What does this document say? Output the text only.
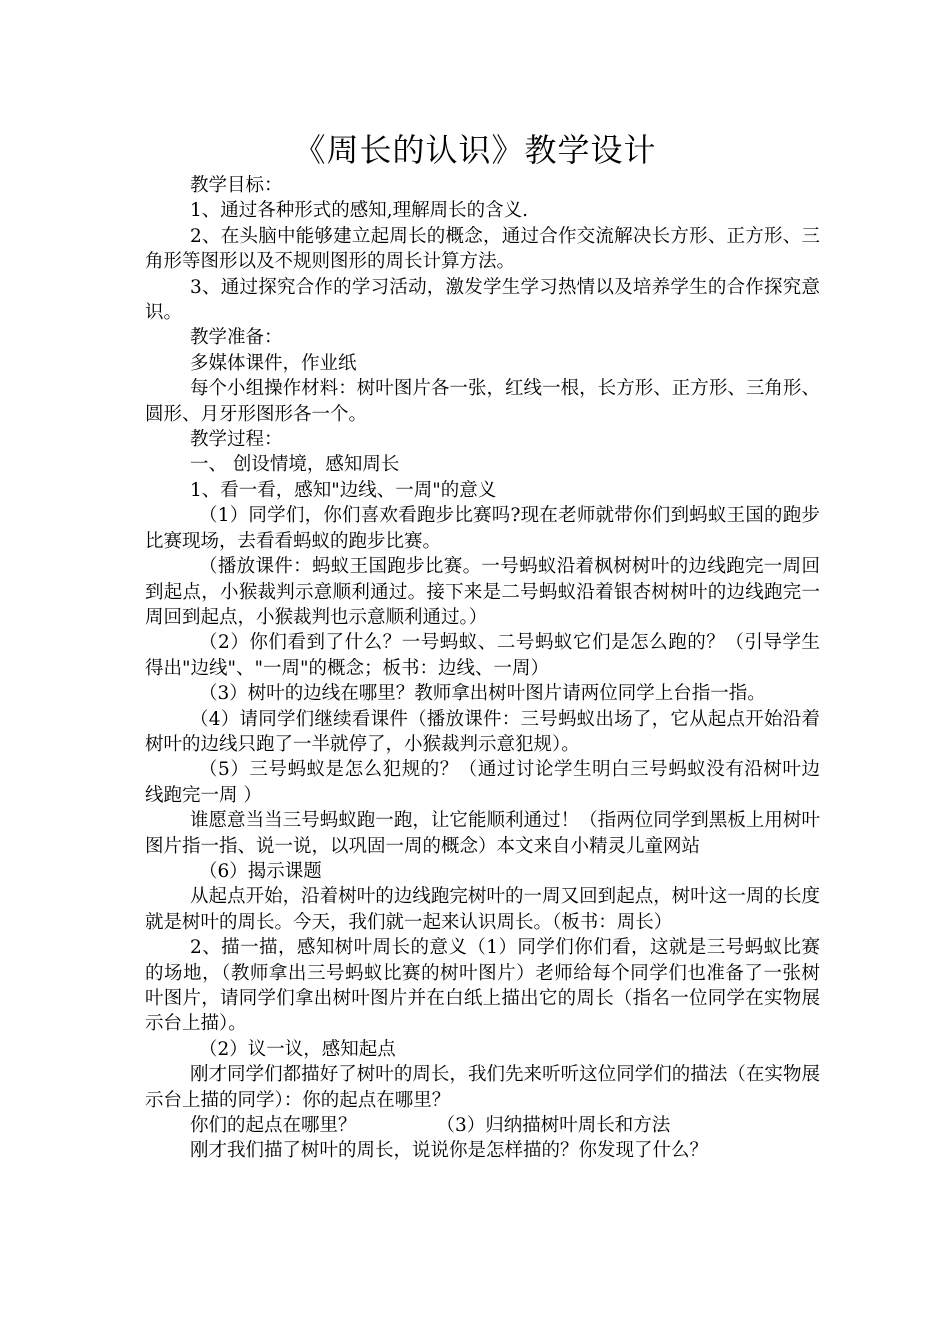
《周长的认识》教学设计

教学目标：

1、通过各种形式的感知,理解周长的含义.

2、在头脑中能够建立起周长的概念，通过合作交流解决长方形、正方形、三角形等图形以及不规则图形的周长计算方法。

3、通过探究合作的学习活动，激发学生学习热情以及培养学生的合作探究意识。

教学准备：

多媒体课件，作业纸

每个小组操作材料：树叶图片各一张，红线一根，长方形、正方形、三角形、圆形、月牙形图形各一个。

教学过程：

一、 创设情境，感知周长

1、看一看，感知"边线、一周"的意义

（1）同学们，你们喜欢看跑步比赛吗?现在老师就带你们到蚂蚁王国的跑步比赛现场，去看看蚂蚁的跑步比赛。

（播放课件：蚂蚁王国跑步比赛。一号蚂蚁沿着枫树树叶的边线跑完一周回到起点，小猴裁判示意顺利通过。接下来是二号蚂蚁沿着银杏树树叶的边线跑完一周回到起点，小猴裁判也示意顺利通过。）

（2）你们看到了什么？一号蚂蚁、二号蚂蚁它们是怎么跑的？（引导学生得出"边线"、"一周"的概念；板书：边线、一周）

（3）树叶的边线在哪里？教师拿出树叶图片请两位同学上台指一指。

（4）请同学们继续看课件（播放课件：三号蚂蚁出场了，它从起点开始沿着树叶的边线只跑了一半就停了，小猴裁判示意犯规）。

（5）三号蚂蚁是怎么犯规的？（通过讨论学生明白三号蚂蚁没有沿树叶边线跑完一周 ）

谁愿意当当三号蚂蚁跑一跑，让它能顺利通过！（指两位同学到黑板上用树叶图片指一指、说一说，以巩固一周的概念）本文来自小精灵儿童网站

（6）揭示课题

从起点开始，沿着树叶的边线跑完树叶的一周又回到起点，树叶这一周的长度就是树叶的周长。今天，我们就一起来认识周长。（板书：周长）

2、描一描，感知树叶周长的意义（1）同学们你们看，这就是三号蚂蚁比赛的场地，（教师拿出三号蚂蚁比赛的树叶图片）老师给每个同学们也准备了一张树叶图片，请同学们拿出树叶图片并在白纸上描出它的周长（指名一位同学在实物展示台上描）。

（2）议一议，感知起点

刚才同学们都描好了树叶的周长，我们先来听听这位同学们的描法（在实物展示台上描的同学）：你的起点在哪里？

你们的起点在哪里？	（3）归纳描树叶周长和方法

刚才我们描了树叶的周长，说说你是怎样描的？你发现了什么？
